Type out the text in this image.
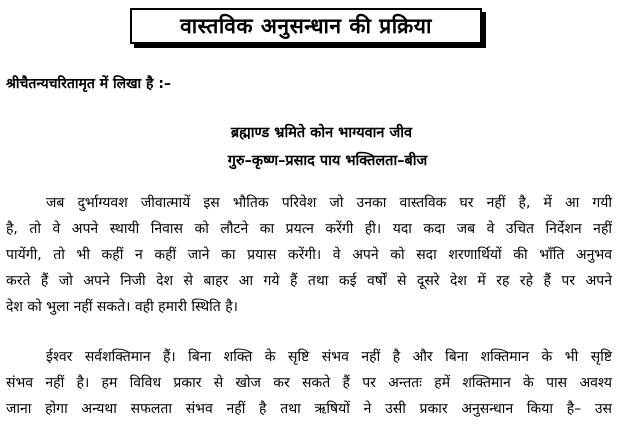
वास्तविक अनुसन्धान की प्रक्रिया

श्रीचैतन्यचरितामृत में लिखा है :–

ब्रह्माण्ड भ्रमिते कोन भाग्यवान जीव

गुरु–कृष्ण–प्रसाद पाय भक्तिलता–बीज

जब दुर्भाग्यवश जीवात्मायें इस भौतिक परिवेश जो उनका वास्तविक घर नहीं है, में आ गयी
है, तो वे अपने स्थायी निवास को लौटने का प्रयत्न करेंगी ही। यदा कदा जब वे उचित निर्देशन नहीं
पायेंगी, तो भी कहीं न कहीं जाने का प्रयास करेंगी। वे अपने को सदा शरणार्थियों की भाँति अनुभव
करते हैं जो अपने निजी देश से बाहर आ गये हैं तथा कई वर्षों से दूसरे देश में रह रहे हैं पर अपने
देश को भुला नहीं सकते। वही हमारी स्थिति है।
ईश्वर सर्वशक्तिमान हैं। बिना शक्ति के सृष्टि संभव नहीं है और बिना शक्तिमान के भी सृष्टि
संभव नहीं है। हम विविध प्रकार से खोज कर सकते हैं पर अन्ततः हमें शक्तिमान के पास अवश्य
जाना होगा अन्यथा सफलता संभव नहीं है तथा ऋषियों ने उसी प्रकार अनुसन्धान किया है– उस
